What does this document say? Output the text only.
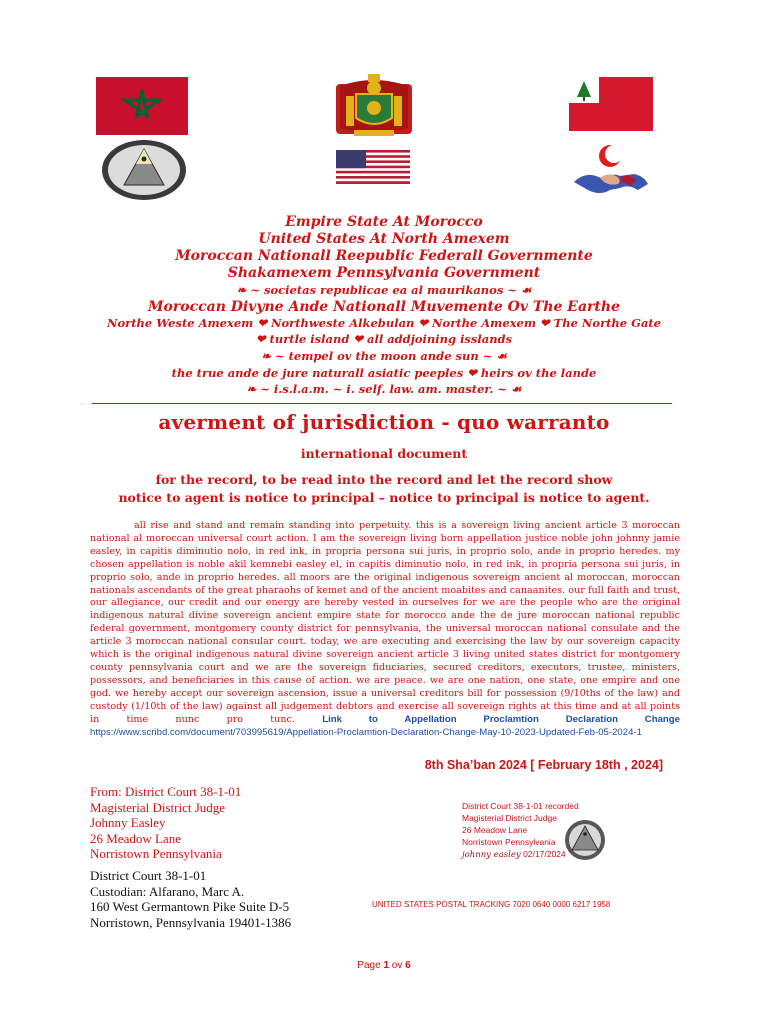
Empire State At Morocco
United States At North Amexem
Moroccan Nationall Reepublic Federall Governmente
Shakamexem Pennsylvania Government
❧ ~ societas republicae ea al maurikanos ~ ☙
Moroccan Divyne Ande Nationall Muvemente Ov The Earthe
Northe Weste Amexem ❤ Northweste Alkebulan ❤ Northe Amexem ❤ The Northe Gate
❤ turtle island ❤ all addjoining isslands
❧ ~ tempel ov the moon ande sun ~ ☙
the true ande de jure naturall asiatic peeples ❤ heirs ov the lande
❧ ~ i.s.l.a.m. ~ i. self. law. am. master. ~ ☙
averment of jurisdiction - quo warranto
international document
for the record, to be read into the record and let the record show
notice to agent is notice to principal – notice to principal is notice to agent.
all rise and stand and remain standing into perpetuity. this is a sovereign living ancient article 3 moroccan national al moroccan universal court action. I am the sovereign living born appellation justice noble john johnny jamie easley, in capitis diminutio nolo, in red ink, in propria persona sui juris, in proprio solo, ande in proprio heredes. my chosen appellation is noble akil kemnebi easley el, in capitis diminutio nolo, in red ink, in propria persona sui juris, in proprio solo, ande in proprio heredes. all moors are the original indigenous sovereign ancient al moroccan, moroccan nationals ascendants of the great pharaohs of kemet and of the ancient moabites and canaanites. our full faith and trust, our allegiance, our credit and our energy are hereby vested in ourselves for we are the people who are the original indigenous natural divine sovereign ancient empire state for morocco ande the de jure moroccan national republic federal government, montgomery county district for pennsylvania, the universal moroccan national consulate and the article 3 moroccan national consular court. today, we are executing and exercising the law by our sovereign capacity which is the original indigenous natural divine sovereign ancient article 3 living united states district for montgomery county pennsylvania court and we are the sovereign fiduciaries, secured creditors, executors, trustee, ministers, possessors, and beneficiaries in this cause of action. we are peace. we are one nation, one state, one empire and one god. we hereby accept our sovereign ascension, issue a universal creditors bill for possession (9/10ths of the law) and custody (1/10th of the law) against all judgement debtors and exercise all sovereign rights at this time and at all points in time nunc pro tunc.	Link to Appellation Proclamtion Declaration Change https://www.scribd.com/document/703995619/Appellation-Proclamtion-Declaration-Change-May-10-2023-Updated-Feb-05-2024-1
8th Sha’ban 2024 [ February 18th , 2024]
From: District Court 38-1-01
Magisterial District Judge
Johnny Easley
26 Meadow Lane
Norristown Pennsylvania
District Court 38-1-01
Custodian: Alfarano, Marc A.
160 West Germantown Pike Suite D-5
Norristown, Pennsylvania 19401-1386
District Court 38-1-01 recorded
Magisterial District Judge
26 Meadow Lane
Norristown Pennsylvania
johnny easley 02/17/2024
UNITED STATES POSTAL TRACKING 7020 0640 0000 6217 1958
Page 1 ov 6
